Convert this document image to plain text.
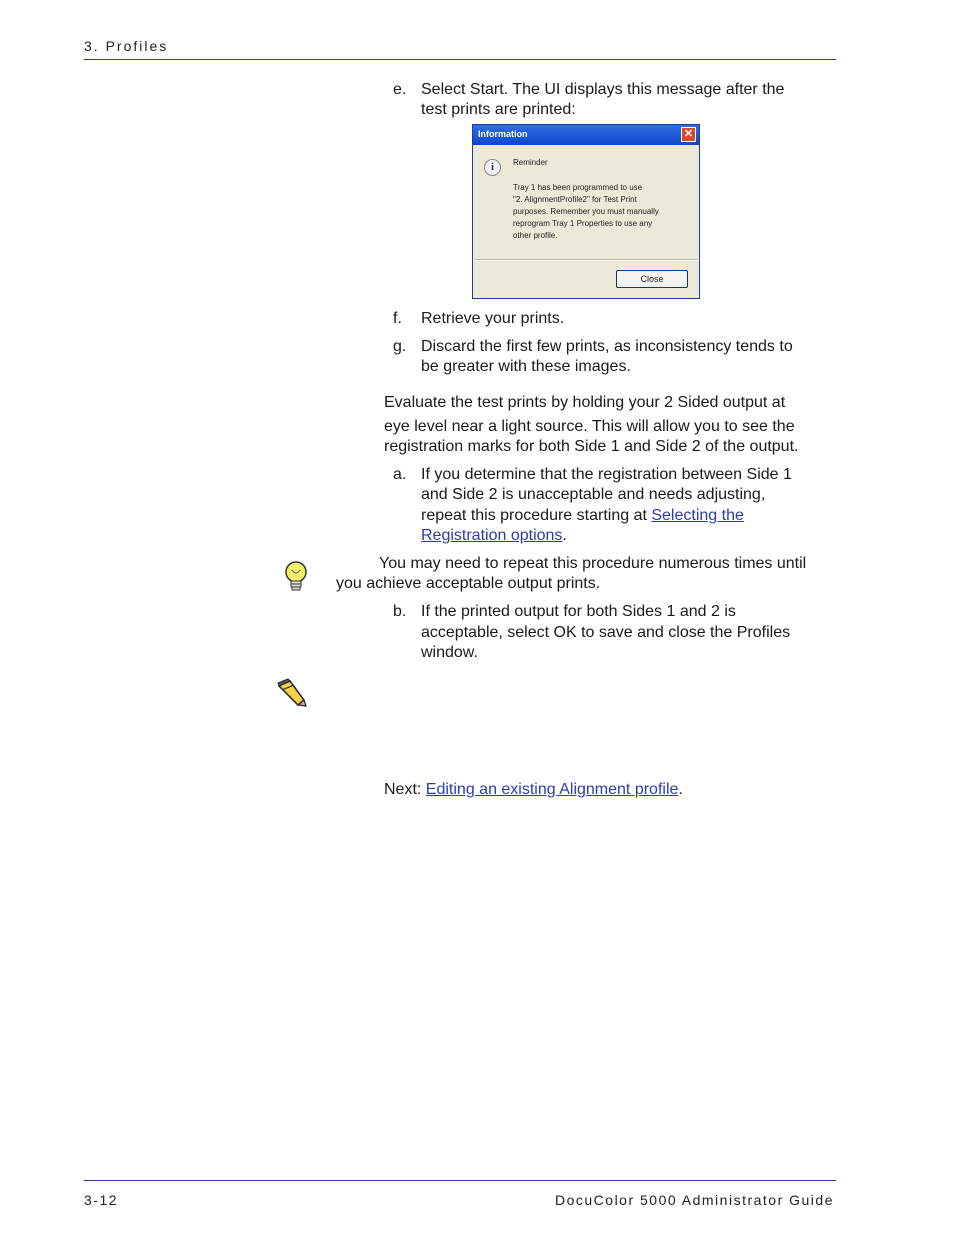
3. Profiles
e. Select Start. The UI displays this message after the
test prints are printed:
Information	✕
i	Reminder
Tray 1 has been programmed to use
"2. AlignmentProfile2" for Test Print
purposes. Remember you must manually
reprogram Tray 1 Properties to use any
other profile.
Close
f. Retrieve your prints.
g. Discard the first few prints, as inconsistency tends to
be greater with these images.
Evaluate the test prints by holding your 2 Sided output at
eye level near a light source. This will allow you to see the
registration marks for both Side 1 and Side 2 of the output.
a. If you determine that the registration between Side 1
and Side 2 is unacceptable and needs adjusting,
repeat this procedure starting at Selecting the
Registration options.
You may need to repeat this procedure numerous times until
you achieve acceptable output prints.
b. If the printed output for both Sides 1 and 2 is
acceptable, select OK to save and close the Profiles
window.
Next: Editing an existing Alignment profile.
3-12	DocuColor 5000 Administrator Guide
